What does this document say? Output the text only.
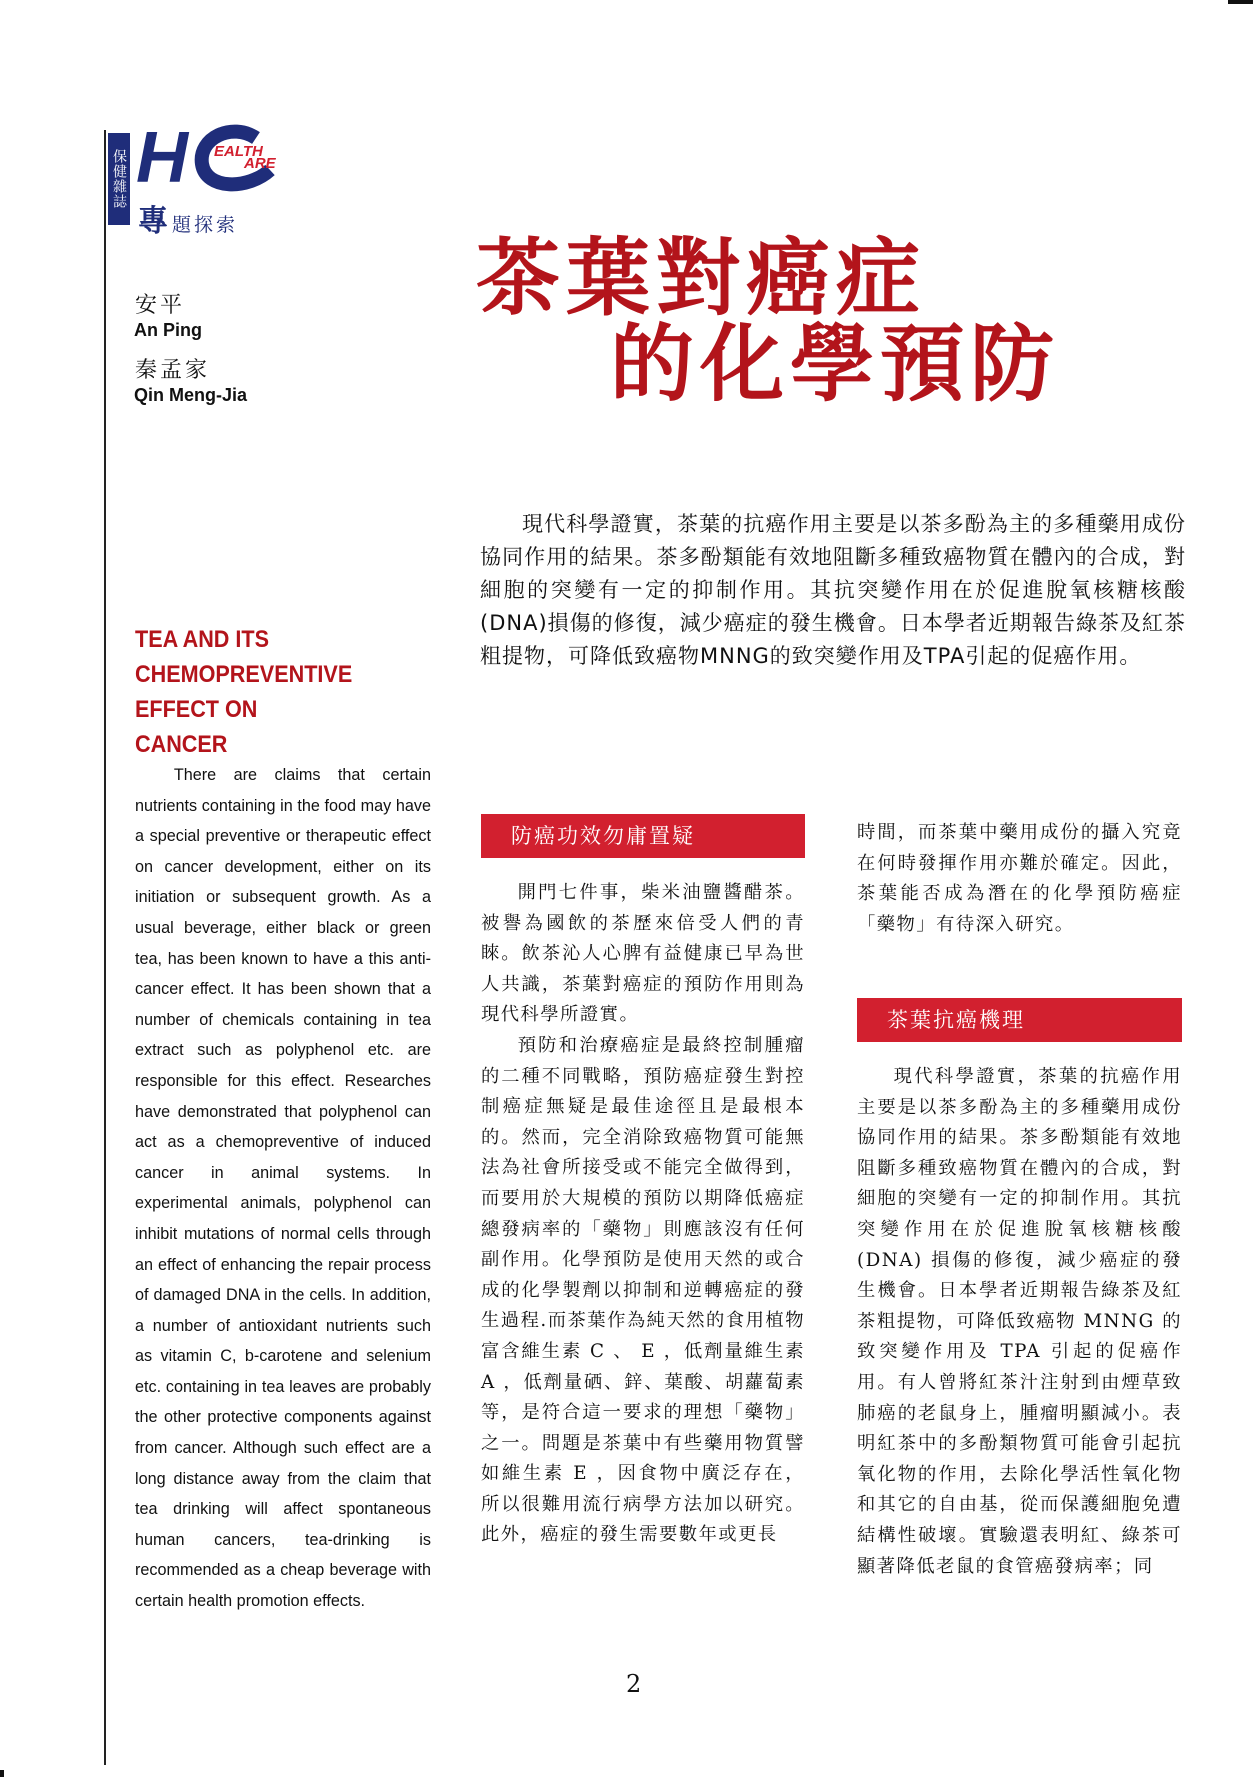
保健雜誌 H EALTH
ARE
專題探索
安平
An Ping
秦孟家
Qin Meng-Jia
茶葉對癌症
的化學預防

現代科學證實，茶葉的抗癌作用主要是以茶多酚為主的多種藥用成份協同作用的結果。茶多酚類能有效地阻斷多種致癌物質在體內的合成，對細胞的突變有一定的抑制作用。其抗突變作用在於促進脫氧核糖核酸(DNA)損傷的修復，減少癌症的發生機會。日本學者近期報告綠茶及紅茶粗提物，可降低致癌物MNNG的致突變作用及TPA引起的促癌作用。

TEA AND ITS
CHEMOPREVENTIVE
EFFECT ON CANCER

There are claims that certain nutrients containing in the food may have a special preventive or therapeutic effect on cancer development, either on its initiation or subsequent growth. As a usual beverage, either black or green tea, has been known to have a this anti-cancer effect. It has been shown that a number of chemicals containing in tea extract such as polyphenol etc. are responsible for this effect. Researches have demonstrated that polyphenol can act as a chemopreventive of induced cancer in animal systems. In experimental animals, polyphenol can inhibit mutations of normal cells through an effect of enhancing the repair process of damaged DNA in the cells. In addition, a number of antioxidant nutrients such as vitamin C, b-carotene and selenium etc. containing in tea leaves are probably the other protective components against from cancer. Although such effect are a long distance away from the claim that tea drinking will affect spontaneous human cancers, tea-drinking is recommended as a cheap beverage with certain health promotion effects.

防癌功效勿庸置疑

開門七件事，柴米油鹽醬醋茶。被譽為國飲的茶歷來倍受人們的青睞。飲茶沁人心脾有益健康已早為世人共識，茶葉對癌症的預防作用則為現代科學所證實。

預防和治療癌症是最終控制腫瘤的二種不同戰略，預防癌症發生對控制癌症無疑是最佳途徑且是最根本的。然而，完全消除致癌物質可能無法為社會所接受或不能完全做得到，而要用於大規模的預防以期降低癌症總發病率的「藥物」則應該沒有任何副作用。化學預防是使用天然的或合成的化學製劑以抑制和逆轉癌症的發生過程.而茶葉作為純天然的食用植物富含維生素 C 、 E ，低劑量維生素 A ，低劑量硒、鋅、葉酸、胡蘿蔔素等，是符合這一要求的理想「藥物」之一。問題是茶葉中有些藥用物質譬如維生素 E ，因食物中廣泛存在，所以很難用流行病學方法加以研究。此外，癌症的發生需要數年或更長

時間，而茶葉中藥用成份的攝入究竟在何時發揮作用亦難於確定。因此，茶葉能否成為潛在的化學預防癌症「藥物」有待深入研究。

茶葉抗癌機理

現代科學證實，茶葉的抗癌作用主要是以茶多酚為主的多種藥用成份協同作用的結果。茶多酚類能有效地阻斷多種致癌物質在體內的合成，對細胞的突變有一定的抑制作用。其抗突變作用在於促進脫氧核糖核酸 (DNA) 損傷的修復，減少癌症的發生機會。日本學者近期報告綠茶及紅茶粗提物，可降低致癌物 MNNG 的致突變作用及 TPA 引起的促癌作用。有人曾將紅茶汁注射到由煙草致肺癌的老鼠身上，腫瘤明顯減小。表明紅茶中的多酚類物質可能會引起抗氧化物的作用，去除化學活性氧化物和其它的自由基，從而保護細胞免遭結構性破壞。實驗還表明紅、綠茶可顯著降低老鼠的食管癌發病率；同

2
